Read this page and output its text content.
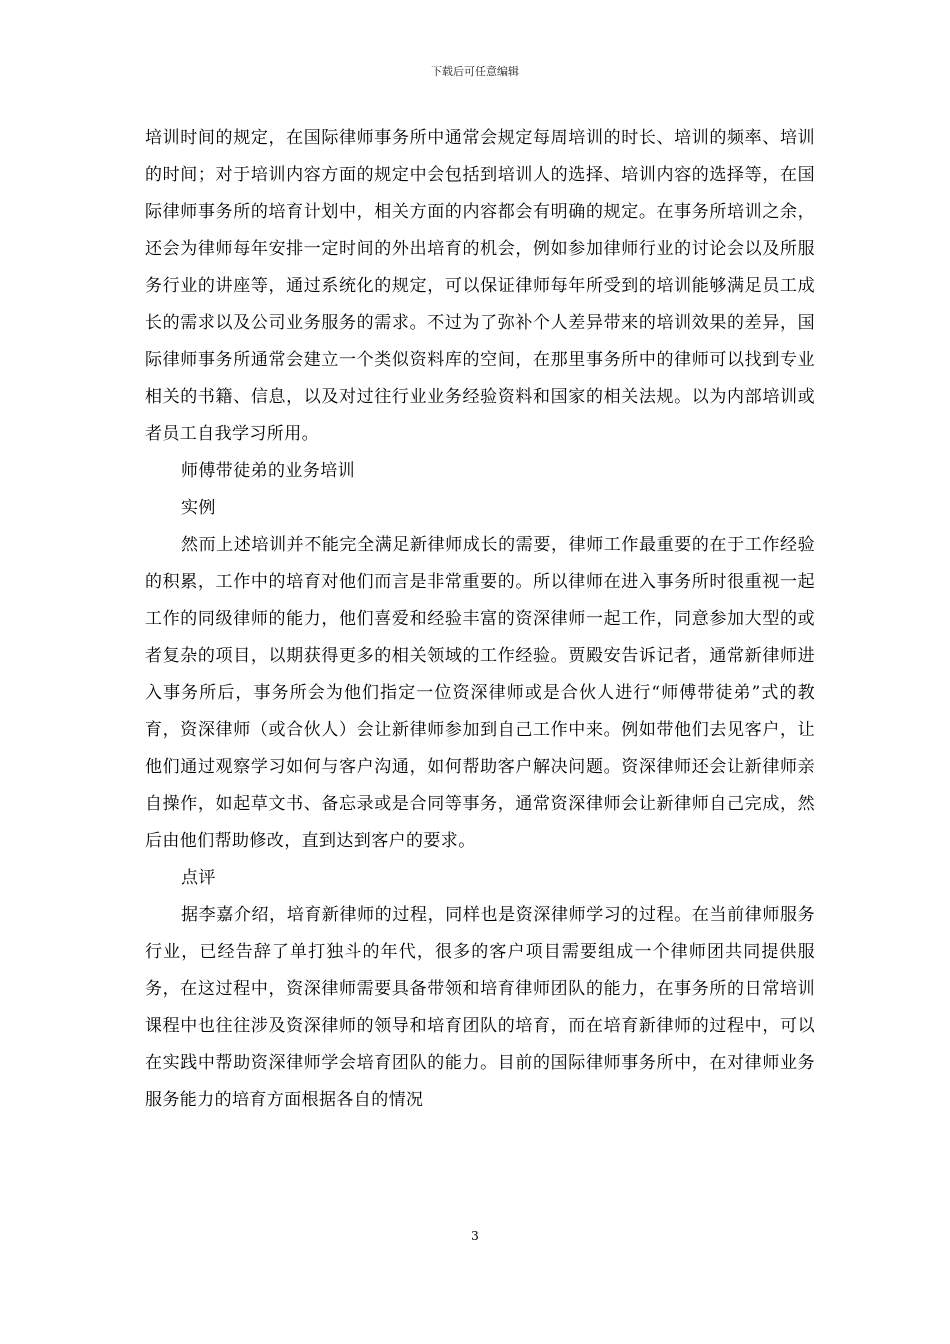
下载后可任意编辑

培训时间的规定，在国际律师事务所中通常会规定每周培训的时长、培训的频率、培训的时间；对于培训内容方面的规定中会包括到培训人的选择、培训内容的选择等，在国际律师事务所的培育计划中，相关方面的内容都会有明确的规定。在事务所培训之余，还会为律师每年安排一定时间的外出培育的机会，例如参加律师行业的讨论会以及所服务行业的讲座等，通过系统化的规定，可以保证律师每年所受到的培训能够满足员工成长的需求以及公司业务服务的需求。不过为了弥补个人差异带来的培训效果的差异，国际律师事务所通常会建立一个类似资料库的空间，在那里事务所中的律师可以找到专业相关的书籍、信息，以及对过往行业业务经验资料和国家的相关法规。以为内部培训或者员工自我学习所用。

师傅带徒弟的业务培训

实例

然而上述培训并不能完全满足新律师成长的需要，律师工作最重要的在于工作经验的积累，工作中的培育对他们而言是非常重要的。所以律师在进入事务所时很重视一起工作的同级律师的能力，他们喜爱和经验丰富的资深律师一起工作，同意参加大型的或者复杂的项目，以期获得更多的相关领域的工作经验。贾殿安告诉记者，通常新律师进入事务所后，事务所会为他们指定一位资深律师或是合伙人进行“师傅带徒弟”式的教育，资深律师（或合伙人）会让新律师参加到自己工作中来。例如带他们去见客户，让他们通过观察学习如何与客户沟通，如何帮助客户解决问题。资深律师还会让新律师亲自操作，如起草文书、备忘录或是合同等事务，通常资深律师会让新律师自己完成，然后由他们帮助修改，直到达到客户的要求。

点评

据李嘉介绍，培育新律师的过程，同样也是资深律师学习的过程。在当前律师服务行业，已经告辞了单打独斗的年代，很多的客户项目需要组成一个律师团共同提供服务，在这过程中，资深律师需要具备带领和培育律师团队的能力，在事务所的日常培训课程中也往往涉及资深律师的领导和培育团队的培育，而在培育新律师的过程中，可以在实践中帮助资深律师学会培育团队的能力。目前的国际律师事务所中，在对律师业务服务能力的培育方面根据各自的情况

3
